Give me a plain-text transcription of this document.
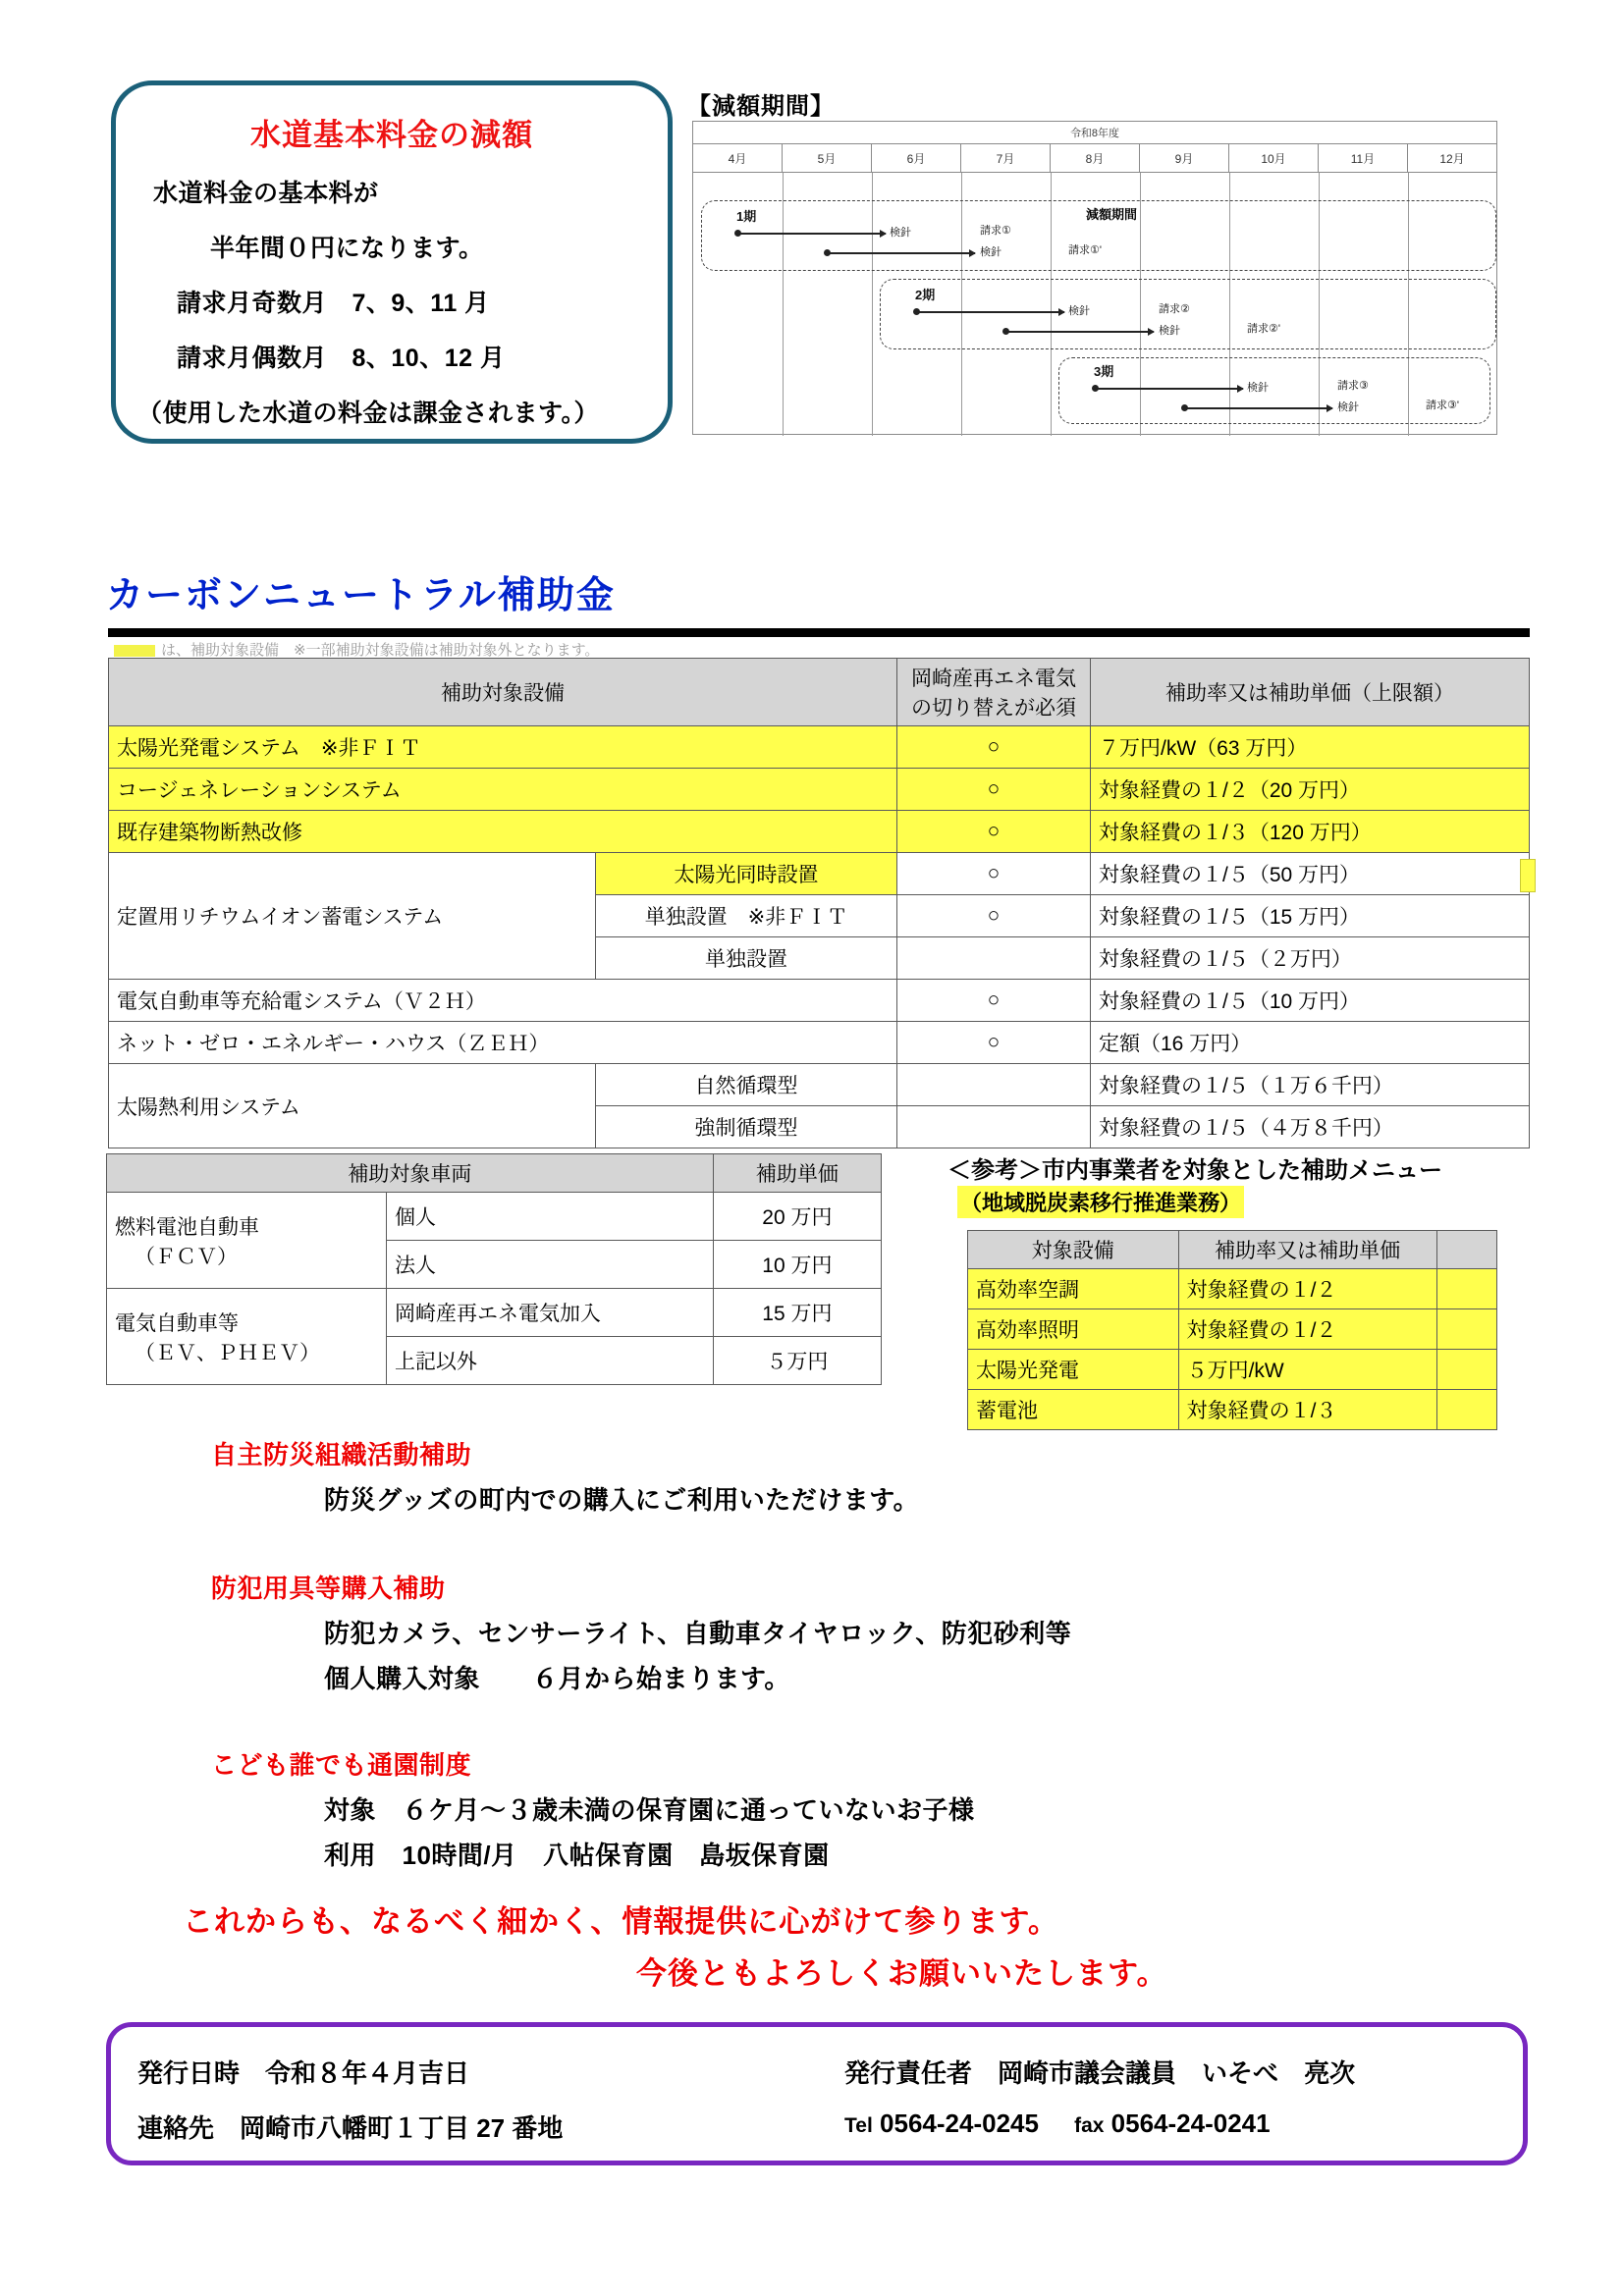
水道基本料金の減額
水道料金の基本料が
半年間０円になります。
請求月奇数月　7、9、11 月
請求月偶数月　8、10、12 月
（使用した水道の料金は課金されます。）
【減額期間】
令和8年度
4月	5月	6月	7月	8月	9月	10月	11月	12月
減額期間
1期
検針	請求①
検針	請求①'
2期
検針	請求②
検針	請求②'
3期
検針	請求③
検針	請求③'
カーボンニュートラル補助金
は、補助対象設備　※一部補助対象設備は補助対象外となります。
補助対象設備		岡崎産再エネ電気
の切り替えが必須	補助率又は補助単価（上限額）
太陽光発電システム　※非ＦＩＴ		○	７万円/kW（63 万円）
コージェネレーションシステム		○	対象経費の１/２（20 万円）
既存建築物断熱改修		○	対象経費の１/３（120 万円）
定置用リチウムイオン蓄電システム	太陽光同時設置	○	対象経費の１/５（50 万円）
	単独設置　※非ＦＩＴ	○	対象経費の１/５（15 万円）
	単独設置		対象経費の１/５（２万円）
電気自動車等充給電システム（Ｖ２Ｈ）		○	対象経費の１/５（10 万円）
ネット・ゼロ・エネルギー・ハウス（ＺＥＨ）		○	定額（16 万円）
太陽熱利用システム	自然循環型		対象経費の１/５（１万６千円）
	強制循環型		対象経費の１/５（４万８千円）
補助対象車両		補助単価

燃料電池自動車
（ＦＣＶ）	個人	20 万円
	法人	10 万円

電気自動車等
（ＥＶ、ＰＨＥＶ）	岡崎産再エネ電気加入	15 万円
	上記以外	５万円
＜参考＞市内事業者を対象とした補助メニュー
（地域脱炭素移行推進業務）
対象設備	補助率又は補助単価	
高効率空調	対象経費の１/２	
高効率照明	対象経費の１/２	
太陽光発電	５万円/kW	
蓄電池	対象経費の１/３	
自主防災組織活動補助
防災グッズの町内での購入にご利用いただけます。
防犯用具等購入補助
防犯カメラ、センサーライト、自動車タイヤロック、防犯砂利等
個人購入対象　　６月から始まります。
こども誰でも通園制度
対象　６ケ月～３歳未満の保育園に通っていないお子様
利用　10時間/月　八帖保育園　島坂保育園
これからも、なるべく細かく、情報提供に心がけて参ります。
今後ともよろしくお願いいたします。
発行日時　令和８年４月吉日	発行責任者　岡崎市議会議員　いそべ　亮次
連絡先　岡崎市八幡町１丁目 27 番地	Tel 0564-24-0245 fax 0564-24-0241
